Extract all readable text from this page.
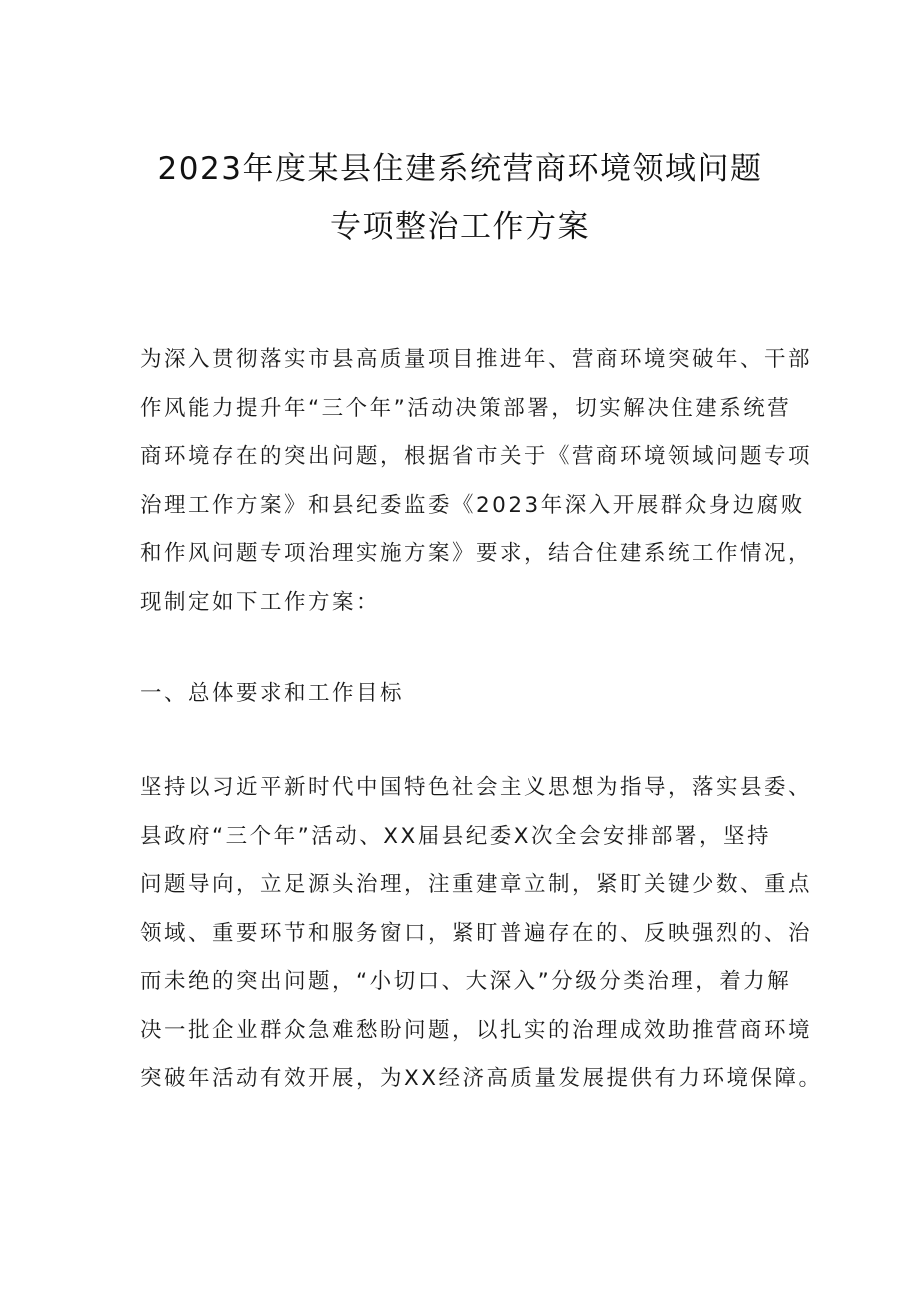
2023年度某县住建系统营商环境领域问题
专项整治工作方案

为深入贯彻落实市县高质量项目推进年、营商环境突破年、干部

作风能力提升年“三个年”活动决策部署，切实解决住建系统营

商环境存在的突出问题，根据省市关于《营商环境领域问题专项

治理工作方案》和县纪委监委《2023年深入开展群众身边腐败

和作风问题专项治理实施方案》要求，结合住建系统工作情况，

现制定如下工作方案：

一、总体要求和工作目标

坚持以习近平新时代中国特色社会主义思想为指导，落实县委、

县政府“三个年”活动、XX届县纪委X次全会安排部署，坚持

问题导向，立足源头治理，注重建章立制，紧盯关键少数、重点

领域、重要环节和服务窗口，紧盯普遍存在的、反映强烈的、治

而未绝的突出问题，“小切口、大深入”分级分类治理，着力解

决一批企业群众急难愁盼问题，以扎实的治理成效助推营商环境

突破年活动有效开展，为XX经济高质量发展提供有力环境保障。
